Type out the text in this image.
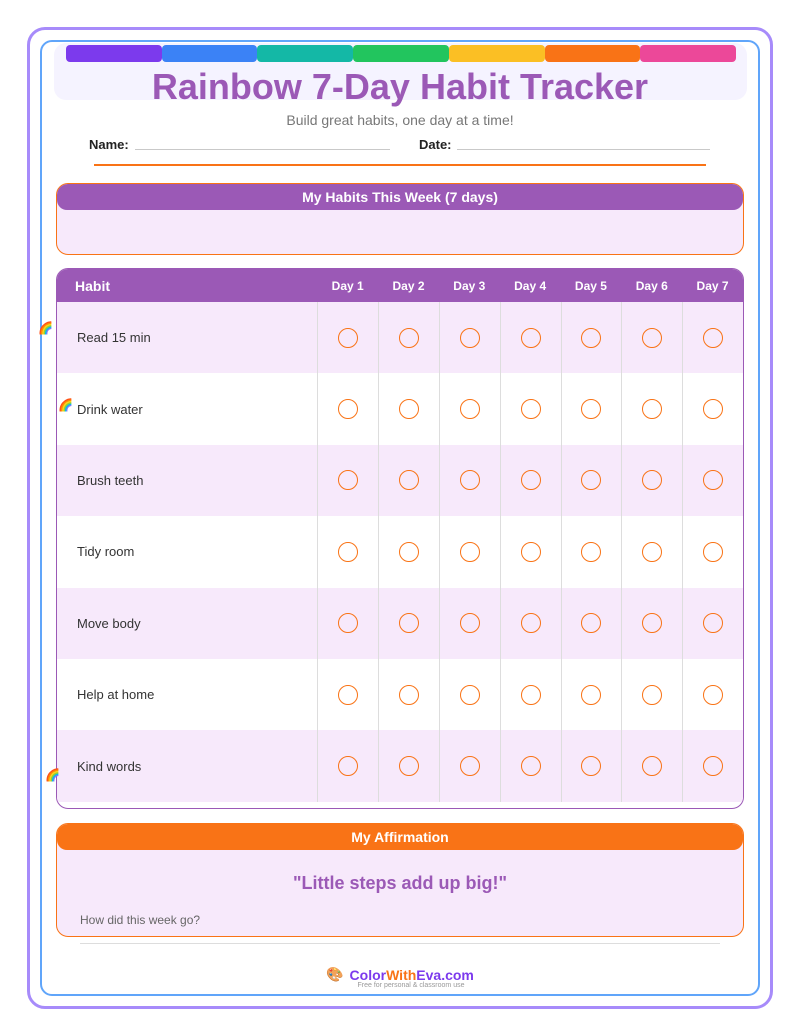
Rainbow 7-Day Habit Tracker
Build great habits, one day at a time!
Name:	Date:
My Habits This Week (7 days)
Habit	Day 1	Day 2	Day 3	Day 4	Day 5	Day 6	Day 7
Read 15 min
Drink water
Brush teeth
Tidy room
Move body
Help at home
Kind words
🌈
🌈
🌈
My Affirmation
"Little steps add up big!"
How did this week go?
🎨 ColorWithEva.com
Free for personal & classroom use
